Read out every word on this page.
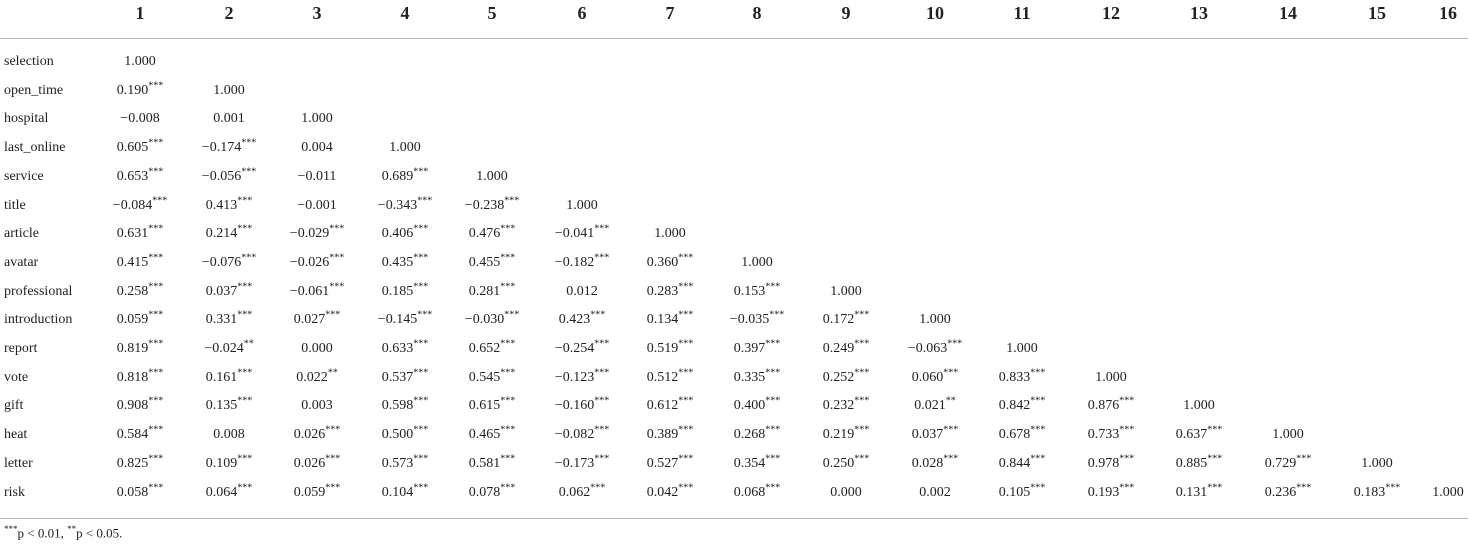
1	2	3	4	5	6	7	8	9	10	11	12	13	14	15	16
selection	1.000
open_time	0.190***	1.000
hospital	−0.008	0.001	1.000
last_online	0.605***	−0.174***	0.004	1.000
service	0.653***	−0.056***	−0.011	0.689***	1.000
title	−0.084***	0.413***	−0.001	−0.343***	−0.238***	1.000
article	0.631***	0.214***	−0.029***	0.406***	0.476***	−0.041***	1.000
avatar	0.415***	−0.076***	−0.026***	0.435***	0.455***	−0.182***	0.360***	1.000
professional	0.258***	0.037***	−0.061***	0.185***	0.281***	0.012	0.283***	0.153***	1.000
introduction	0.059***	0.331***	0.027***	−0.145***	−0.030***	0.423***	0.134***	−0.035***	0.172***	1.000
report	0.819***	−0.024**	0.000	0.633***	0.652***	−0.254***	0.519***	0.397***	0.249***	−0.063***	1.000
vote	0.818***	0.161***	0.022**	0.537***	0.545***	−0.123***	0.512***	0.335***	0.252***	0.060***	0.833***	1.000
gift	0.908***	0.135***	0.003	0.598***	0.615***	−0.160***	0.612***	0.400***	0.232***	0.021**	0.842***	0.876***	1.000
heat	0.584***	0.008	0.026***	0.500***	0.465***	−0.082***	0.389***	0.268***	0.219***	0.037***	0.678***	0.733***	0.637***	1.000
letter	0.825***	0.109***	0.026***	0.573***	0.581***	−0.173***	0.527***	0.354***	0.250***	0.028***	0.844***	0.978***	0.885***	0.729***	1.000
risk	0.058***	0.064***	0.059***	0.104***	0.078***	0.062***	0.042***	0.068***	0.000	0.002	0.105***	0.193***	0.131***	0.236***	0.183***	1.000
***p < 0.01, **p < 0.05.
